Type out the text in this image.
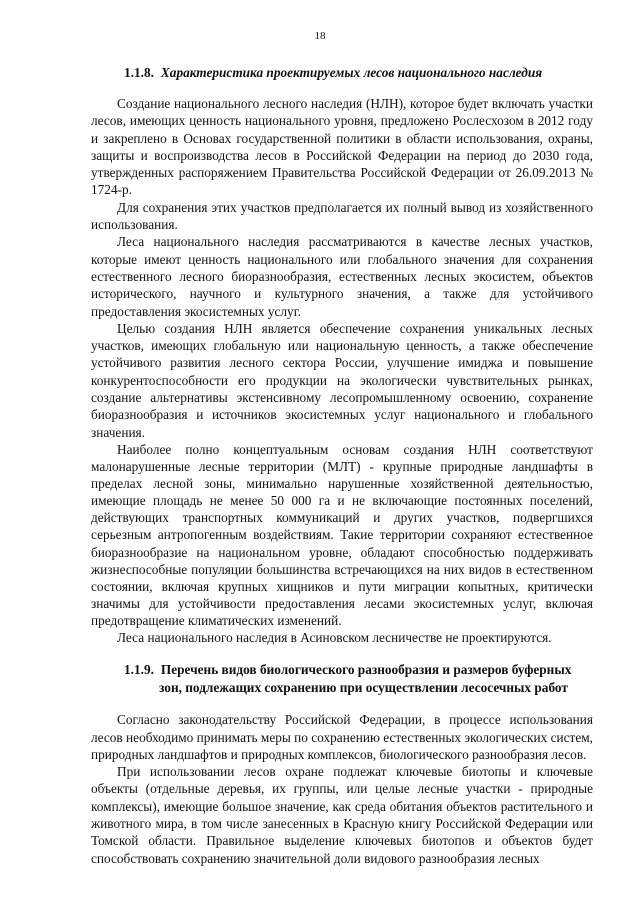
18
1.1.8. Характеристика проектируемых лесов национального наследия

Создание национального лесного наследия (НЛН), которое будет включать участки лесов, имеющих ценность национального уровня, предложено Рослесхозом в 2012 году и закреплено в Основах государственной политики в области использования, охраны, защиты и воспроизводства лесов в Российской Федерации на период до 2030 года, утвержденных распоряжением Правительства Российской Федерации от 26.09.2013 № 1724-р.

Для сохранения этих участков предполагается их полный вывод из хозяйственного использования.

Леса национального наследия рассматриваются в качестве лесных участков, которые имеют ценность национального или глобального значения для сохранения естественного лесного биоразнообразия, естественных лесных экосистем, объектов исторического, научного и культурного значения, а также для устойчивого предоставления экосистемных услуг.

Целью создания НЛН является обеспечение сохранения уникальных лесных участков, имеющих глобальную или национальную ценность, а также обеспечение устойчивого развития лесного сектора России, улучшение имиджа и повышение конкурентоспособности его продукции на экологически чувствительных рынках, создание альтернативы экстенсивному лесопромышленному освоению, сохранение биоразнообразия и источников экосистемных услуг национального и глобального значения.

Наиболее полно концептуальным основам создания НЛН соответствуют малонарушенные лесные территории (МЛТ) - крупные природные ландшафты в пределах лесной зоны, минимально нарушенные хозяйственной деятельностью, имеющие площадь не менее 50 000 га и не включающие постоянных поселений, действующих транспортных коммуникаций и других участков, подвергшихся серьезным антропогенным воздействиям. Такие территории сохраняют естественное биоразнообразие на национальном уровне, обладают способностью поддерживать жизнеспособные популяции большинства встречающихся на них видов в естественном состоянии, включая крупных хищников и пути миграции копытных, критически значимы для устойчивости предоставления лесами экосистемных услуг, включая предотвращение климатических изменений.

Леса национального наследия в Асиновском лесничестве не проектируются.

1.1.9. Перечень видов биологического разнообразия и размеров буферных
зон, подлежащих сохранению при осуществлении лесосечных работ

Согласно законодательству Российской Федерации, в процессе использования лесов необходимо принимать меры по сохранению естественных экологических систем, природных ландшафтов и природных комплексов, биологического разнообразия лесов.

При использовании лесов охране подлежат ключевые биотопы и ключевые объекты (отдельные деревья, их группы, или целые лесные участки - природные комплексы), имеющие большое значение, как среда обитания объектов растительного и животного мира, в том числе занесенных в Красную книгу Российской Федерации или Томской области. Правильное выделение ключевых биотопов и объектов будет способствовать сохранению значительной доли видового разнообразия лесных
